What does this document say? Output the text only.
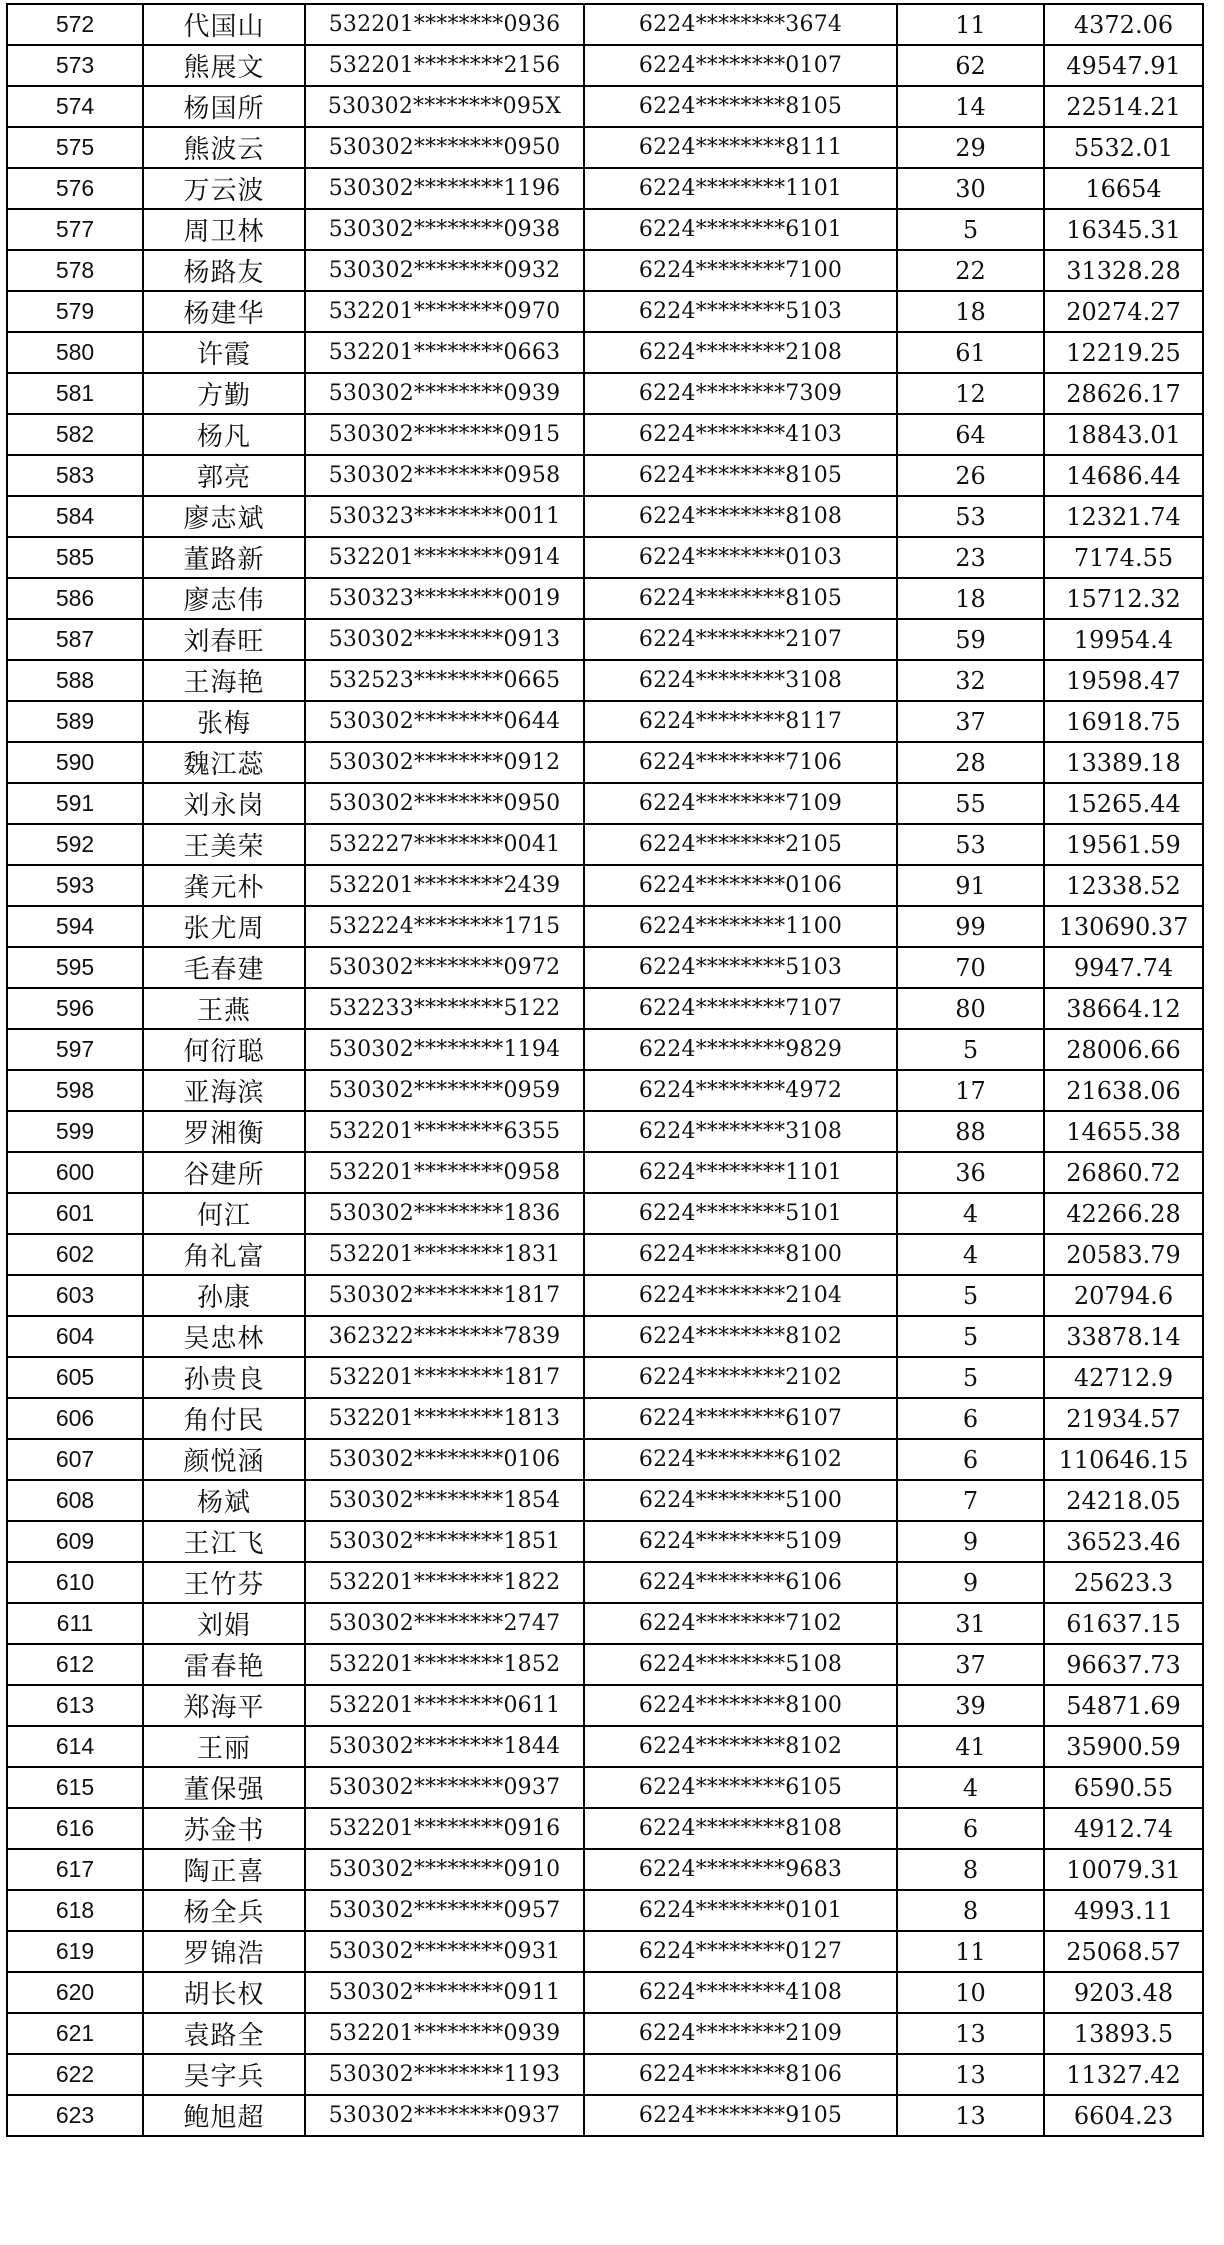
572	代国山	532201********0936	6224********3674	11	4372.06
573	熊展文	532201********2156	6224********0107	62	49547.91
574	杨国所	530302********095X	6224********8105	14	22514.21
575	熊波云	530302********0950	6224********8111	29	5532.01
576	万云波	530302********1196	6224********1101	30	16654
577	周卫林	530302********0938	6224********6101	5	16345.31
578	杨路友	530302********0932	6224********7100	22	31328.28
579	杨建华	532201********0970	6224********5103	18	20274.27
580	许霞	532201********0663	6224********2108	61	12219.25
581	方勤	530302********0939	6224********7309	12	28626.17
582	杨凡	530302********0915	6224********4103	64	18843.01
583	郭亮	530302********0958	6224********8105	26	14686.44
584	廖志斌	530323********0011	6224********8108	53	12321.74
585	董路新	532201********0914	6224********0103	23	7174.55
586	廖志伟	530323********0019	6224********8105	18	15712.32
587	刘春旺	530302********0913	6224********2107	59	19954.4
588	王海艳	532523********0665	6224********3108	32	19598.47
589	张梅	530302********0644	6224********8117	37	16918.75
590	魏江蕊	530302********0912	6224********7106	28	13389.18
591	刘永岗	530302********0950	6224********7109	55	15265.44
592	王美荣	532227********0041	6224********2105	53	19561.59
593	龚元朴	532201********2439	6224********0106	91	12338.52
594	张尤周	532224********1715	6224********1100	99	130690.37
595	毛春建	530302********0972	6224********5103	70	9947.74
596	王燕	532233********5122	6224********7107	80	38664.12
597	何衍聪	530302********1194	6224********9829	5	28006.66
598	亚海滨	530302********0959	6224********4972	17	21638.06
599	罗湘衡	532201********6355	6224********3108	88	14655.38
600	谷建所	532201********0958	6224********1101	36	26860.72
601	何江	530302********1836	6224********5101	4	42266.28
602	角礼富	532201********1831	6224********8100	4	20583.79
603	孙康	530302********1817	6224********2104	5	20794.6
604	吴忠林	362322********7839	6224********8102	5	33878.14
605	孙贵良	532201********1817	6224********2102	5	42712.9
606	角付民	532201********1813	6224********6107	6	21934.57
607	颜悦涵	530302********0106	6224********6102	6	110646.15
608	杨斌	530302********1854	6224********5100	7	24218.05
609	王江飞	530302********1851	6224********5109	9	36523.46
610	王竹芬	532201********1822	6224********6106	9	25623.3
611	刘娟	530302********2747	6224********7102	31	61637.15
612	雷春艳	532201********1852	6224********5108	37	96637.73
613	郑海平	532201********0611	6224********8100	39	54871.69
614	王丽	530302********1844	6224********8102	41	35900.59
615	董保强	530302********0937	6224********6105	4	6590.55
616	苏金书	532201********0916	6224********8108	6	4912.74
617	陶正喜	530302********0910	6224********9683	8	10079.31
618	杨全兵	530302********0957	6224********0101	8	4993.11
619	罗锦浩	530302********0931	6224********0127	11	25068.57
620	胡长权	530302********0911	6224********4108	10	9203.48
621	袁路全	532201********0939	6224********2109	13	13893.5
622	吴字兵	530302********1193	6224********8106	13	11327.42
623	鲍旭超	530302********0937	6224********9105	13	6604.23
